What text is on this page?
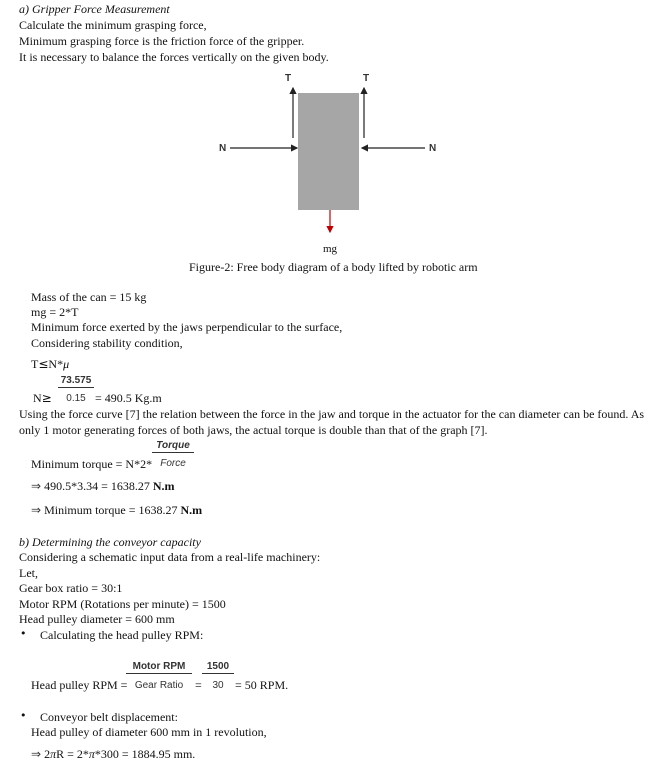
a) Gripper Force Measurement
Calculate the minimum grasping force,
Minimum grasping force is the friction force of the gripper.
It is necessary to balance the forces vertically on the given body.
T	T
N	N
mg
Figure-2: Free body diagram of a body lifted by robotic arm
Mass of the can = 15 kg
mg = 2*T
Minimum force exerted by the jaws perpendicular to the surface,
Considering stability condition,
T≤N*μ
73.575
N≥	0.15 = 490.5 Kg.m
Using the force curve [7] the relation between the force in the jaw and torque in the actuator for the can diameter can be found. As
only 1 motor generating forces of both jaws, the actual torque is double than that of the graph [7].
Torque
Minimum torque = N*2* Force
⇒ 490.5*3.34 = 1638.27 N.m
⇒ Minimum torque = 1638.27 N.m
b) Determining the conveyor capacity
Considering a schematic input data from a real-life machinery:
Let,
Gear box ratio = 30:1
Motor RPM (Rotations per minute) = 1500
Head pulley diameter = 600 mm
• Calculating the head pulley RPM:
Motor RPM	1500
Head pulley RPM = Gear Ratio =	30 = 50 RPM.
• Conveyor belt displacement:
Head pulley of diameter 600 mm in 1 revolution,
⇒ 2πR = 2*π*300 = 1884.95 mm.
